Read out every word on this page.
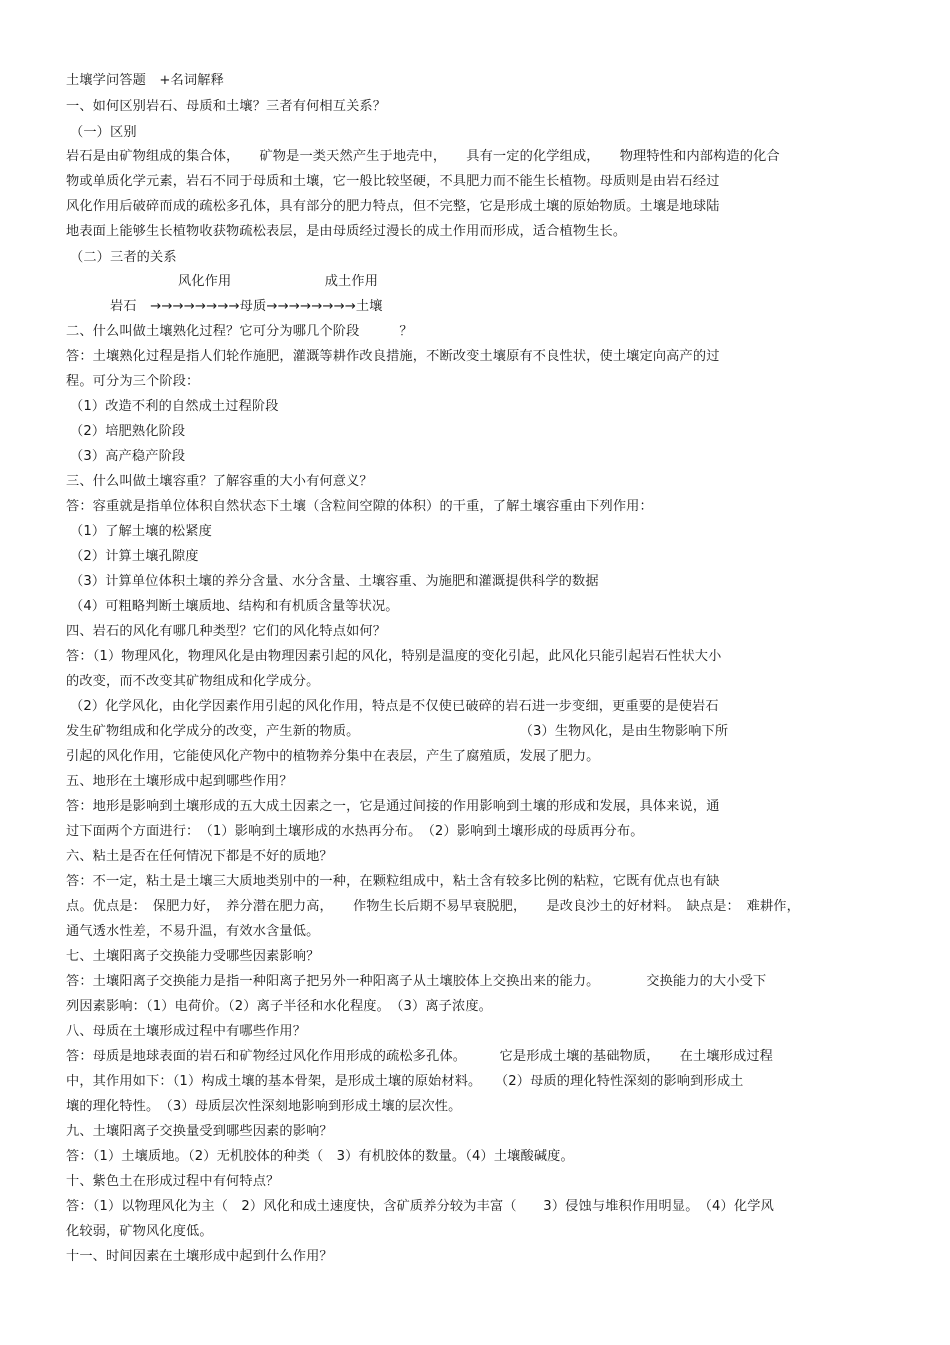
土壤学问答题　+名词解释
一、如何区别岩石、母质和土壤？三者有何相互关系？
（一）区别
岩石是由矿物组成的集合体，　　矿物是一类天然产生于地壳中，　　具有一定的化学组成，　　物理特性和内部构造的化合
物或单质化学元素，岩石不同于母质和土壤，它一般比较坚硬，不具肥力而不能生长植物。母质则是由岩石经过
风化作用后破碎而成的疏松多孔体，具有部分的肥力特点，但不完整，它是形成土壤的原始物质。土壤是地球陆
地表面上能够生长植物收获物疏松表层，是由母质经过漫长的成土作用而形成，适合植物生长。
（二）三者的关系
风化作用　　　　　　　成土作用
岩石　→→→→→→→→母质→→→→→→→→土壤
二、什么叫做土壤熟化过程？它可分为哪几个阶段　　　？
答：土壤熟化过程是指人们轮作施肥，灌溉等耕作改良措施，不断改变土壤原有不良性状，使土壤定向高产的过
程。可分为三个阶段：
（1）改造不利的自然成土过程阶段
（2）培肥熟化阶段
（3）高产稳产阶段
三、什么叫做土壤容重？了解容重的大小有何意义？
答：容重就是指单位体积自然状态下土壤（含粒间空隙的体积）的干重，了解土壤容重由下列作用：
（1）了解土壤的松紧度
（2）计算土壤孔隙度
（3）计算单位体积土壤的养分含量、水分含量、土壤容重、为施肥和灌溉提供科学的数据
（4）可粗略判断土壤质地、结构和有机质含量等状况。
四、岩石的风化有哪几种类型？它们的风化特点如何？
答：（1）物理风化，物理风化是由物理因素引起的风化，特别是温度的变化引起，此风化只能引起岩石性状大小
的改变，而不改变其矿物组成和化学成分。
（2）化学风化，由化学因素作用引起的风化作用，特点是不仅使已破碎的岩石进一步变细，更重要的是使岩石
发生矿物组成和化学成分的改变，产生新的物质。　　　　　　　　　　　　　（3）生物风化，是由生物影响下所
引起的风化作用，它能使风化产物中的植物养分集中在表层，产生了腐殖质，发展了肥力。
五、地形在土壤形成中起到哪些作用？
答：地形是影响到土壤形成的五大成土因素之一，它是通过间接的作用影响到土壤的形成和发展，具体来说，通
过下面两个方面进行：　（1）影响到土壤形成的水热再分布。　（2）影响到土壤形成的母质再分布。
六、粘土是否在任何情况下都是不好的质地？
答：不一定，粘土是土壤三大质地类别中的一种，在颗粒组成中，粘土含有较多比例的粘粒，它既有优点也有缺
点。优点是：　保肥力好，　养分潜在肥力高，　　作物生长后期不易早衰脱肥，　　是改良沙土的好材料。　缺点是：　难耕作，
通气透水性差，不易升温，有效水含量低。
七、土壤阳离子交换能力受哪些因素影响？
答：土壤阳离子交换能力是指一种阳离子把另外一种阳离子从土壤胶体上交换出来的能力。　　　　交换能力的大小受下
列因素影响：（1）电荷价。（2）离子半径和水化程度。　（3）离子浓度。
八、母质在土壤形成过程中有哪些作用？
答：母质是地球表面的岩石和矿物经过风化作用形成的疏松多孔体。　　　它是形成土壤的基础物质，　　在土壤形成过程
中，其作用如下：（1）构成土壤的基本骨架，是形成土壤的原始材料。　　（2）母质的理化特性深刻的影响到形成土
壤的理化特性。　（3）母质层次性深刻地影响到形成土壤的层次性。
九、土壤阳离子交换量受到哪些因素的影响？
答：（1）土壤质地。（2）无机胶体的种类（　3）有机胶体的数量。（4）土壤酸碱度。
十、紫色土在形成过程中有何特点？
答：（1）以物理风化为主（　2）风化和成土速度快，含矿质养分较为丰富（　　3）侵蚀与堆积作用明显。　（4）化学风
化较弱，矿物风化度低。
十一、时间因素在土壤形成中起到什么作用？
